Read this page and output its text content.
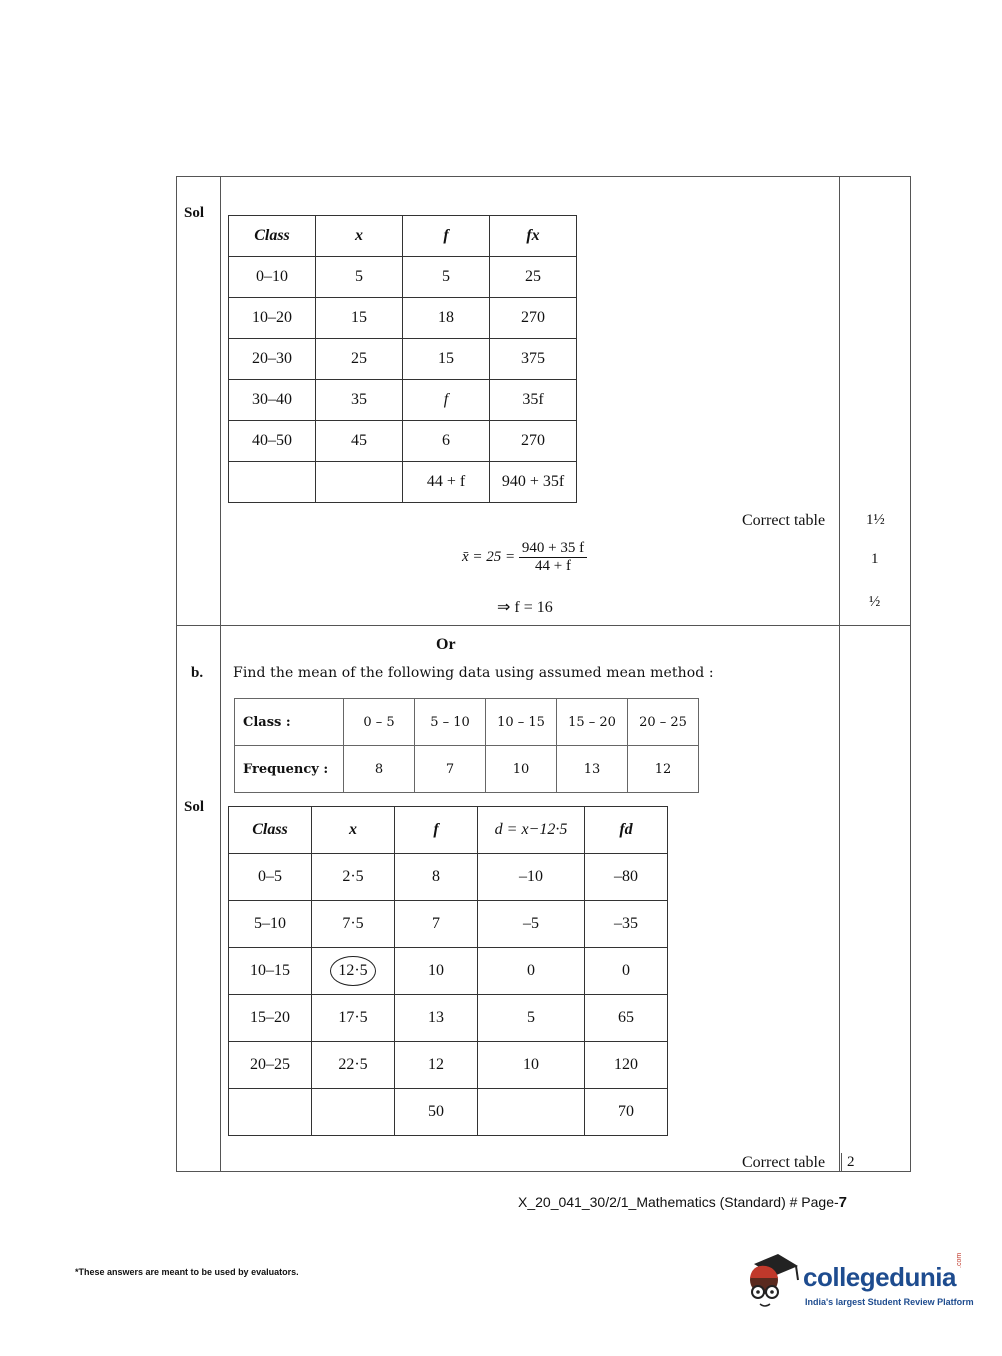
Sol
b.
Sol
Class	x	f	fx
0–10	5	5	25
10–20	15	18	270
20–30	25	15	375
30–40	35	f	35f
40–50	45	6	270
		44 + f	940 + 35f
Correct table	1½
1
½
x̄ = $25 = \frac{940 + 35 f}{44 + f}$
⇒ f = 16
Or
Find the mean of the following data using assumed mean method :
Class :	0 – 5	5 – 10	10 – 15	15 – 20	20 – 25
Frequency :	8	7	10	13	12
Class	x	f	d = x−12·5	fd
0–5	2·5	8	–10	–80
5–10	7·5	7	–5	–35
10–15	12·5	10	0	0
15–20	17·5	13	5	65
20–25	22·5	12	10	120
		50		70
Correct table 2
X_20_041_30/2/1_Mathematics (Standard) # Page-7
*These answers are meant to be used by evaluators.	collegedunia
.com
India's largest Student Review Platform
